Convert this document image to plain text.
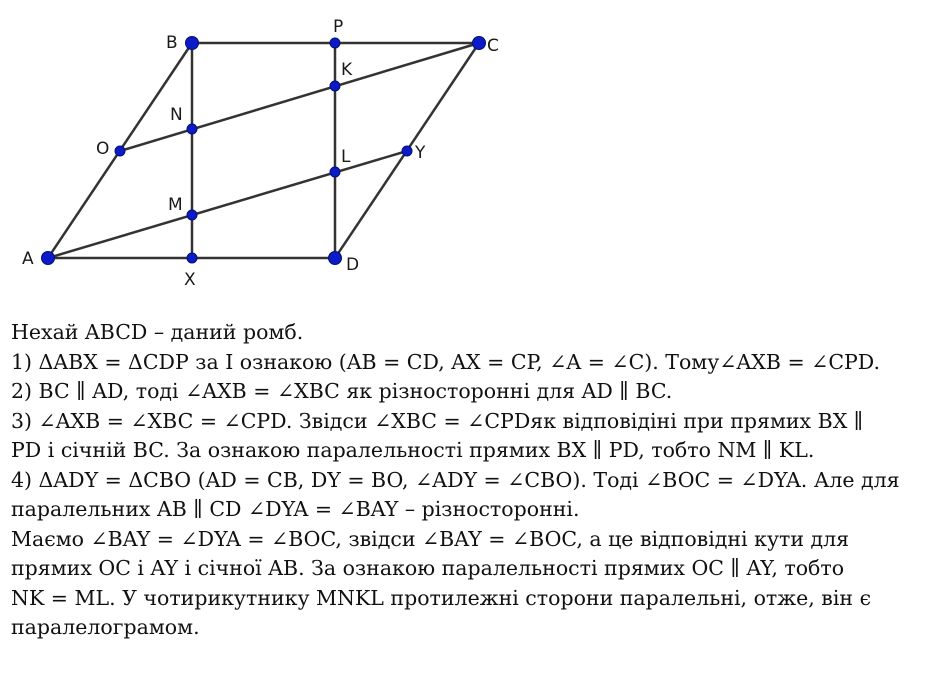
B
P
C
K
N
O	L	Y
M
A
X
D

Нехай ABCD – даний ромб.

1) ΔABX = ΔCDP за I ознакою (AB = CD, AX = CP, ∠A = ∠C). Тому∠AXB = ∠CPD.

2) BC ∥ AD, тоді ∠AXB = ∠XBC як різносторонні для AD ∥ BC.

3) ∠AXB = ∠XBC = ∠CPD. Звідси ∠XBC = ∠CPDяк відповідіні при прямих BX ∥

PD і січній BC. За ознакою паралельності прямих BX ∥ PD, тобто NM ∥ KL.

4) ΔADY = ΔCBO (AD = CB, DY = BO, ∠ADY = ∠CBO). Тоді ∠BOC = ∠DYA. Але для

паралельних AB ∥ CD ∠DYA = ∠BAY – різносторонні.

Маємо ∠BAY = ∠DYA = ∠BOC, звідси ∠BAY = ∠BOC, а це відповідні кути для

прямих OC і AY і січної AB. За ознакою паралельності прямих OC ∥ AY, тобто

NK = ML. У чотирикутнику MNKL протилежні сторони паралельні, отже, він є

паралелограмом.
